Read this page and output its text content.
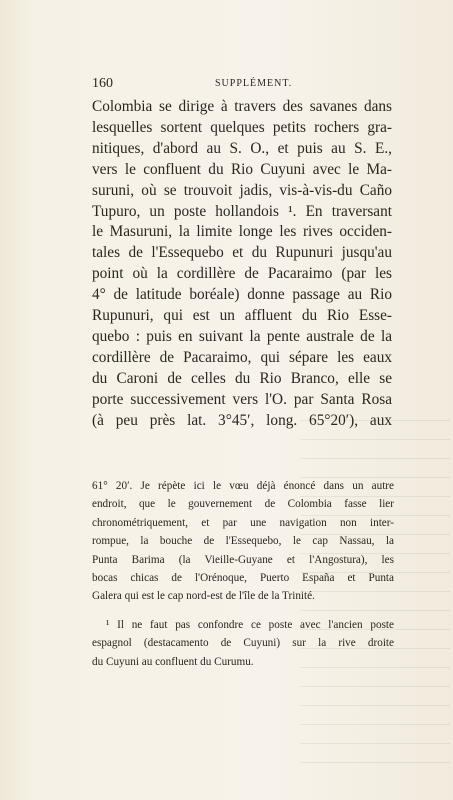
160	SUPPLÉMENT.
Colombia se dirige à travers des savanes dans
lesquelles sortent quelques petits rochers gra-
nitiques, d'abord au S. O., et puis au S. E.,
vers le confluent du Rio Cuyuni avec le Ma-
suruni, où se trouvoit jadis, vis-à-vis-du Caño
Tupuro, un poste hollandois ¹. En traversant
le Masuruni, la limite longe les rives occiden-
tales de l'Essequebo et du Rupunuri jusqu'au
point où la cordillère de Pacaraimo (par les
4° de latitude boréale) donne passage au Rio
Rupunuri, qui est un affluent du Rio Esse-
quebo : puis en suivant la pente australe de la
cordillère de Pacaraimo, qui sépare les eaux
du Caroni de celles du Rio Branco, elle se
porte successivement vers l'O. par Santa Rosa
(à peu près lat. 3°45′, long. 65°20′), aux
61° 20′. Je répète ici le vœu déjà énoncé dans un autre
endroit, que le gouvernement de Colombia fasse lier
chronométriquement, et par une navigation non inter-
rompue, la bouche de l'Essequebo, le cap Nassau, la
Punta Barima (la Vieille-Guyane et l'Angostura), les
bocas chicas de l'Orénoque, Puerto España et Punta
Galera qui est le cap nord-est de l'île de la Trinité.
¹ Il ne faut pas confondre ce poste avec l'ancien poste
espagnol (destacamento de Cuyuni) sur la rive droite
du Cuyuni au confluent du Curumu.
